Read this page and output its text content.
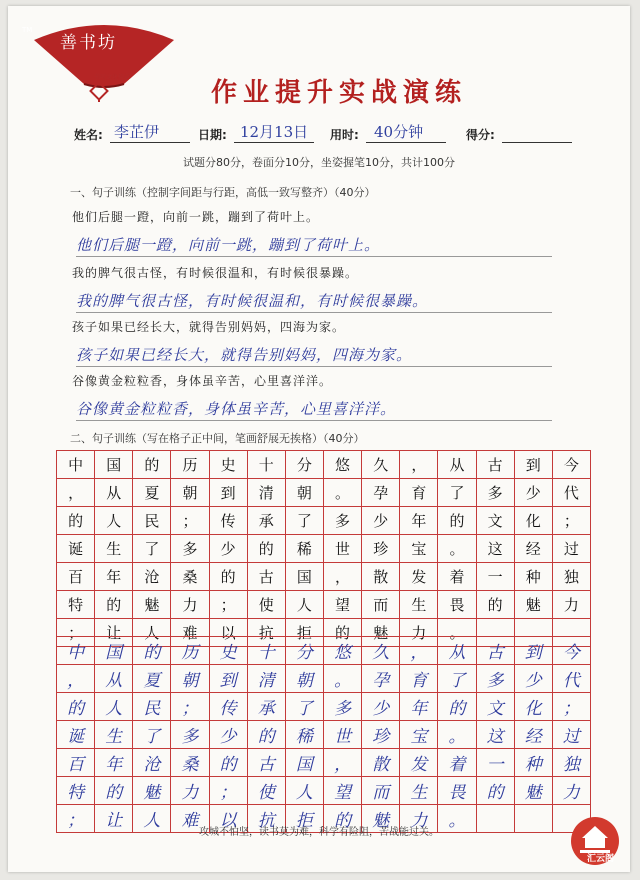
TM
善书坊
书写文化传承
作业提升实战演练
姓名: 李芷伊	日期: 12月13日 用时: 40分钟	得分:
试题分80分，卷面分10分，坐姿握笔10分，共计100分
一、句子训练（控制字间距与行距，高低一致写整齐）（40分）
他们后腿一蹬，向前一跳，蹦到了荷叶上。
他们后腿一蹬，向前一跳，蹦到了荷叶上。
我的脾气很古怪，有时候很温和，有时候很暴躁。
我的脾气很古怪，有时候很温和，有时候很暴躁。
孩子如果已经长大，就得告别妈妈，四海为家。
孩子如果已经长大，就得告别妈妈，四海为家。
谷像黄金粒粒香，身体虽辛苦，心里喜洋洋。
谷像黄金粒粒香，身体虽辛苦，心里喜洋洋。
二、句子训练（写在格子正中间，笔画舒展无挨格）（40分）
中	国	的	历	史	十	分	悠	久	，	从	古	到	今
，	从	夏	朝	到	清	朝	。	孕	育	了	多	少	代
的	人	民	；	传	承	了	多	少	年	的	文	化	；
诞	生	了	多	少	的	稀	世	珍	宝	。	这	经	过
百	年	沧	桑	的	古	国	，	散	发	着	一	种	独
特	的	魅	力	；	使	人	望	而	生	畏	的	魅	力
；	让	人	难	以	抗	拒	的	魅	力	。
中	国	的	历	史	十	分	悠	久	，	从	古	到	今
，	从	夏	朝	到	清	朝	。	孕	育	了	多	少	代
的	人	民	；	传	承	了	多	少	年	的	文	化	；
诞	生	了	多	少	的	稀	世	珍	宝	。	这	经	过
百	年	沧	桑	的	古	国	，	散	发	着	一	种	独
特	的	魅	力	；	使	人	望	而	生	畏	的	魅	力
；	让	人	难	以	抗	拒	的	魅	力	。
攻城不怕坚，读书莫为难，科学有险阻，苦战能过关。
汇云阁
